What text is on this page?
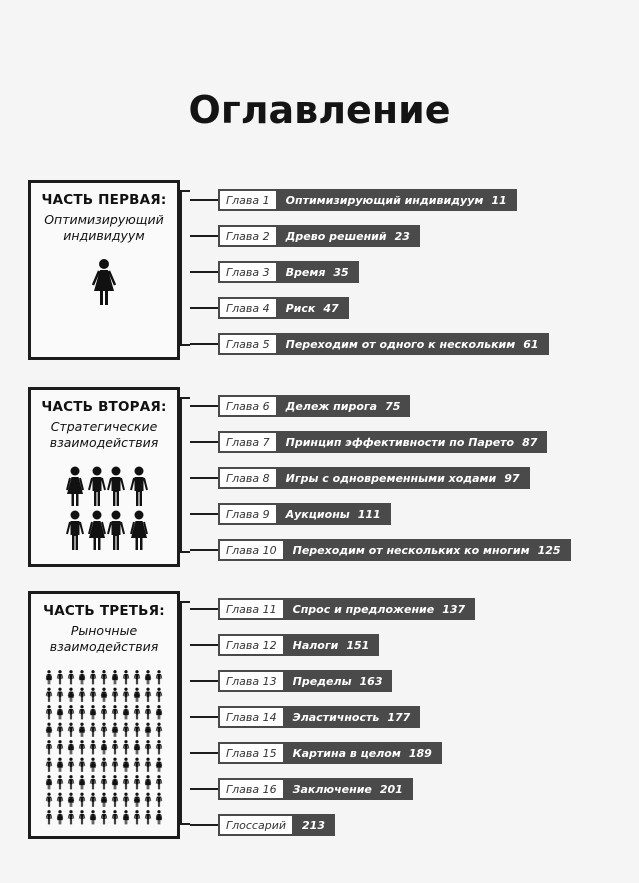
Оглавление
ЧАСТЬ ПЕРВАЯ:
Оптимизирующий
индивидуум
Глава 1	Оптимизирующий индивидуум 11
Глава 2	Древо решений 23
Глава 3	Время 35
Глава 4	Риск 47
Глава 5	Переходим от одного к нескольким 61
ЧАСТЬ ВТОРАЯ:
Стратегические
взаимодействия
Глава 6	Дележ пирога 75
Глава 7	Принцип эффективности по Парето 87
Глава 8	Игры с одновременными ходами 97
Глава 9	Аукционы 111
Глава 10	Переходим от нескольких ко многим 125
ЧАСТЬ ТРЕТЬЯ:
Рыночные
взаимодействия
Глава 11	Спрос и предложение 137
Глава 12	Налоги 151
Глава 13	Пределы 163
Глава 14	Эластичность 177
Глава 15	Картина в целом 189
Глава 16	Заключение 201
Глоссарий	213
